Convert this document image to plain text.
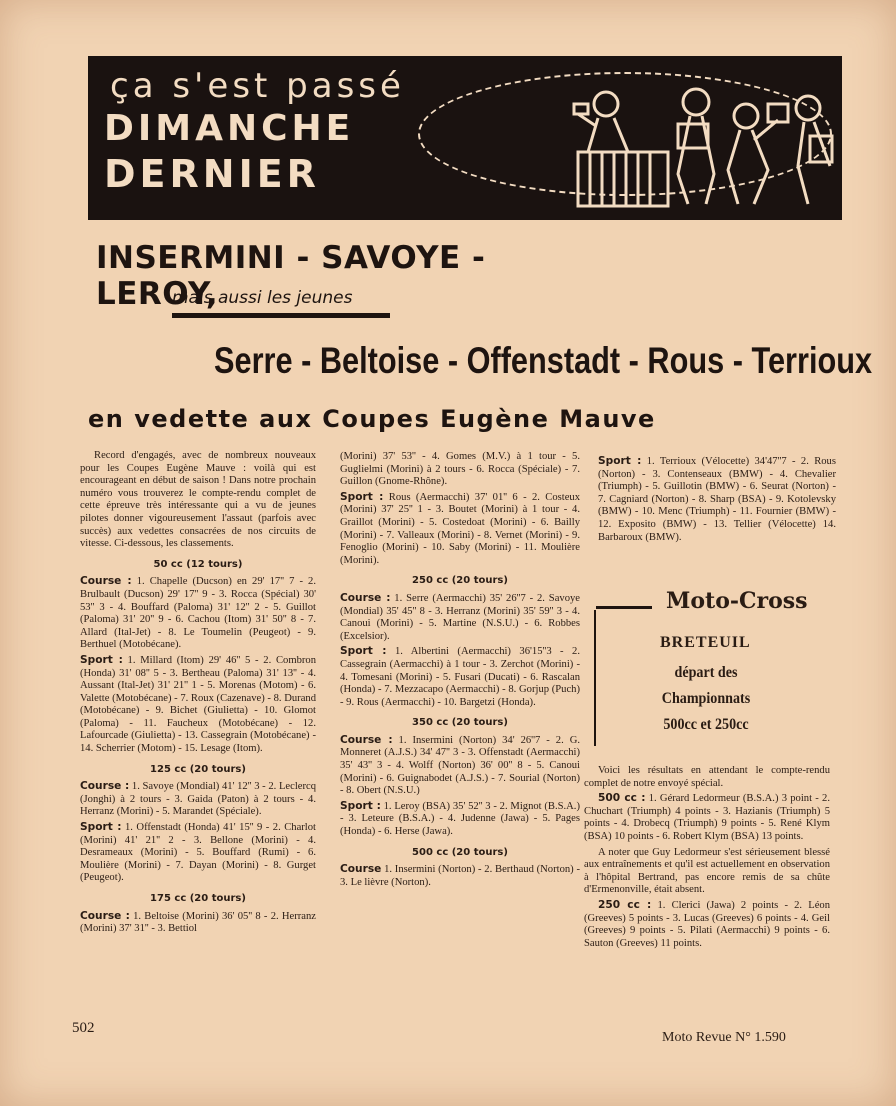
ça s'est passé
DIMANCHE
DERNIER
INSERMINI - SAVOYE - LEROY,
mais aussi les jeunes
Serre - Beltoise - Offenstadt - Rous - Terrioux
en vedette aux Coupes Eugène Mauve

Record d'engagés, avec de nombreux nouveaux pour les Coupes Eugène Mauve : voilà qui est encourageant en début de saison ! Dans notre prochain numéro vous trouverez le compte-rendu complet de cette épreuve très intéressante qui a vu de jeunes pilotes donner vigoureusement l'assaut (parfois avec succès) aux vedettes consacrées de nos circuits de vitesse. Ci-dessous, les classements.

50 cc (12 tours)

Course : 1. Chapelle (Ducson) en 29' 17'' 7 - 2. Brulbault (Ducson) 29' 17'' 9 - 3. Rocca (Spécial) 30' 53'' 3 - 4. Bouffard (Paloma) 31' 12'' 2 - 5. Guillot (Paloma) 31' 20'' 9 - 6. Cachou (Itom) 31' 50'' 8 - 7. Allard (Ital-Jet) - 8. Le Toumelin (Peugeot) - 9. Berthuel (Motobécane).

Sport : 1. Millard (Itom) 29' 46'' 5 - 2. Combron (Honda) 31' 08'' 5 - 3. Bertheau (Paloma) 31' 13'' - 4. Aussant (Ital-Jet) 31' 21'' 1 - 5. Morenas (Motom) - 6. Valette (Motobécane) - 7. Roux (Cazenave) - 8. Durand (Motobécane) - 9. Bichet (Giulietta) - 10. Glomot (Paloma) - 11. Faucheux (Motobécane) - 12. Lafourcade (Giulietta) - 13. Cassegrain (Motobécane) - 14. Scherrier (Motom) - 15. Lesage (Itom).

125 cc (20 tours)

Course : 1. Savoye (Mondial) 41' 12'' 3 - 2. Leclercq (Jonghi) à 2 tours - 3. Gaida (Paton) à 2 tours - 4. Herranz (Morini) - 5. Marandet (Spéciale).

Sport : 1. Offenstadt (Honda) 41' 15'' 9 - 2. Charlot (Morini) 41' 21'' 2 - 3. Bellone (Morini) - 4. Desrameaux (Morini) - 5. Bouffard (Rumi) - 6. Moulière (Morini) - 7. Dayan (Morini) - 8. Gurget (Peugeot).

175 cc (20 tours)

Course : 1. Beltoise (Morini) 36' 05'' 8 - 2. Herranz (Morini) 37' 31'' - 3. Bettiol

(Morini) 37' 53'' - 4. Gomes (M.V.) à 1 tour - 5. Guglielmi (Morini) à 2 tours - 6. Rocca (Spéciale) - 7. Guillon (Gnome-Rhône).

Sport : Rous (Aermacchi) 37' 01'' 6 - 2. Costeux (Morini) 37' 25'' 1 - 3. Boutet (Morini) à 1 tour - 4. Graillot (Morini) - 5. Costedoat (Morini) - 6. Bailly (Morini) - 7. Valleaux (Morini) - 8. Vernet (Morini) - 9. Fenoglio (Morini) - 10. Saby (Morini) - 11. Moulière (Morini).

250 cc (20 tours)

Course : 1. Serre (Aermacchi) 35' 26''7 - 2. Savoye (Mondial) 35' 45'' 8 - 3. Herranz (Morini) 35' 59'' 3 - 4. Canoui (Morini) - 5. Martine (N.S.U.) - 6. Robbes (Excelsior).

Sport : 1. Albertini (Aermacchi) 36'15''3 - 2. Cassegrain (Aermacchi) à 1 tour - 3. Zerchot (Morini) - 4. Tomesani (Morini) - 5. Fusari (Ducati) - 6. Rascalan (Honda) - 7. Mezzacapo (Aermacchi) - 8. Gorjup (Puch) - 9. Rous (Aermacchi) - 10. Bargetzi (Honda).

350 cc (20 tours)

Course : 1. Insermini (Norton) 34' 26''7 - 2. G. Monneret (A.J.S.) 34' 47'' 3 - 3. Offenstadt (Aermacchi) 35' 43'' 3 - 4. Wolff (Norton) 36' 00'' 8 - 5. Canoui (Morini) - 6. Guignabodet (A.J.S.) - 7. Sourial (Norton) - 8. Obert (N.S.U.)

Sport : 1. Leroy (BSA) 35' 52'' 3 - 2. Mignot (B.S.A.) - 3. Leteure (B.S.A.) - 4. Judenne (Jawa) - 5. Pages (Honda) - 6. Herse (Jawa).

500 cc (20 tours)

Course 1. Insermini (Norton) - 2. Berthaud (Norton) - 3. Le lièvre (Norton).

Sport : 1. Terrioux (Vélocette) 34'47''7 - 2. Rous (Norton) - 3. Contenseaux (BMW) - 4. Chevalier (Triumph) - 5. Guillotin (BMW) - 6. Seurat (Norton) - 7. Cagniard (Norton) - 8. Sharp (BSA) - 9. Kotolevsky (BMW) - 10. Menc (Triumph) - 11. Fournier (BMW) - 12. Exposito (BMW) - 13. Tellier (Vélocette) 14. Barbaroux (BMW).

Moto-Cross
BRETEUIL
départ des
Championnats
500cc et 250cc

Voici les résultats en attendant le compte-rendu complet de notre envoyé spécial.

500 cc : 1. Gérard Ledormeur (B.S.A.) 3 point - 2. Chuchart (Triumph) 4 points - 3. Hazianis (Triumph) 5 points - 4. Drobecq (Triumph) 9 points - 5. René Klym (BSA) 10 points - 6. Robert Klym (BSA) 13 points.

A noter que Guy Ledormeur s'est sérieusement blessé aux entraînements et qu'il est actuellement en observation à l'hôpital Bertrand, pas encore remis de sa chûte d'Ermenonville, était absent.

250 cc : 1. Clerici (Jawa) 2 points - 2. Léon (Greeves) 5 points - 3. Lucas (Greeves) 6 points - 4. Geil (Greeves) 9 points - 5. Pilati (Aermacchi) 9 points - 6. Sauton (Greeves) 11 points.

502
Moto Revue N° 1.590
